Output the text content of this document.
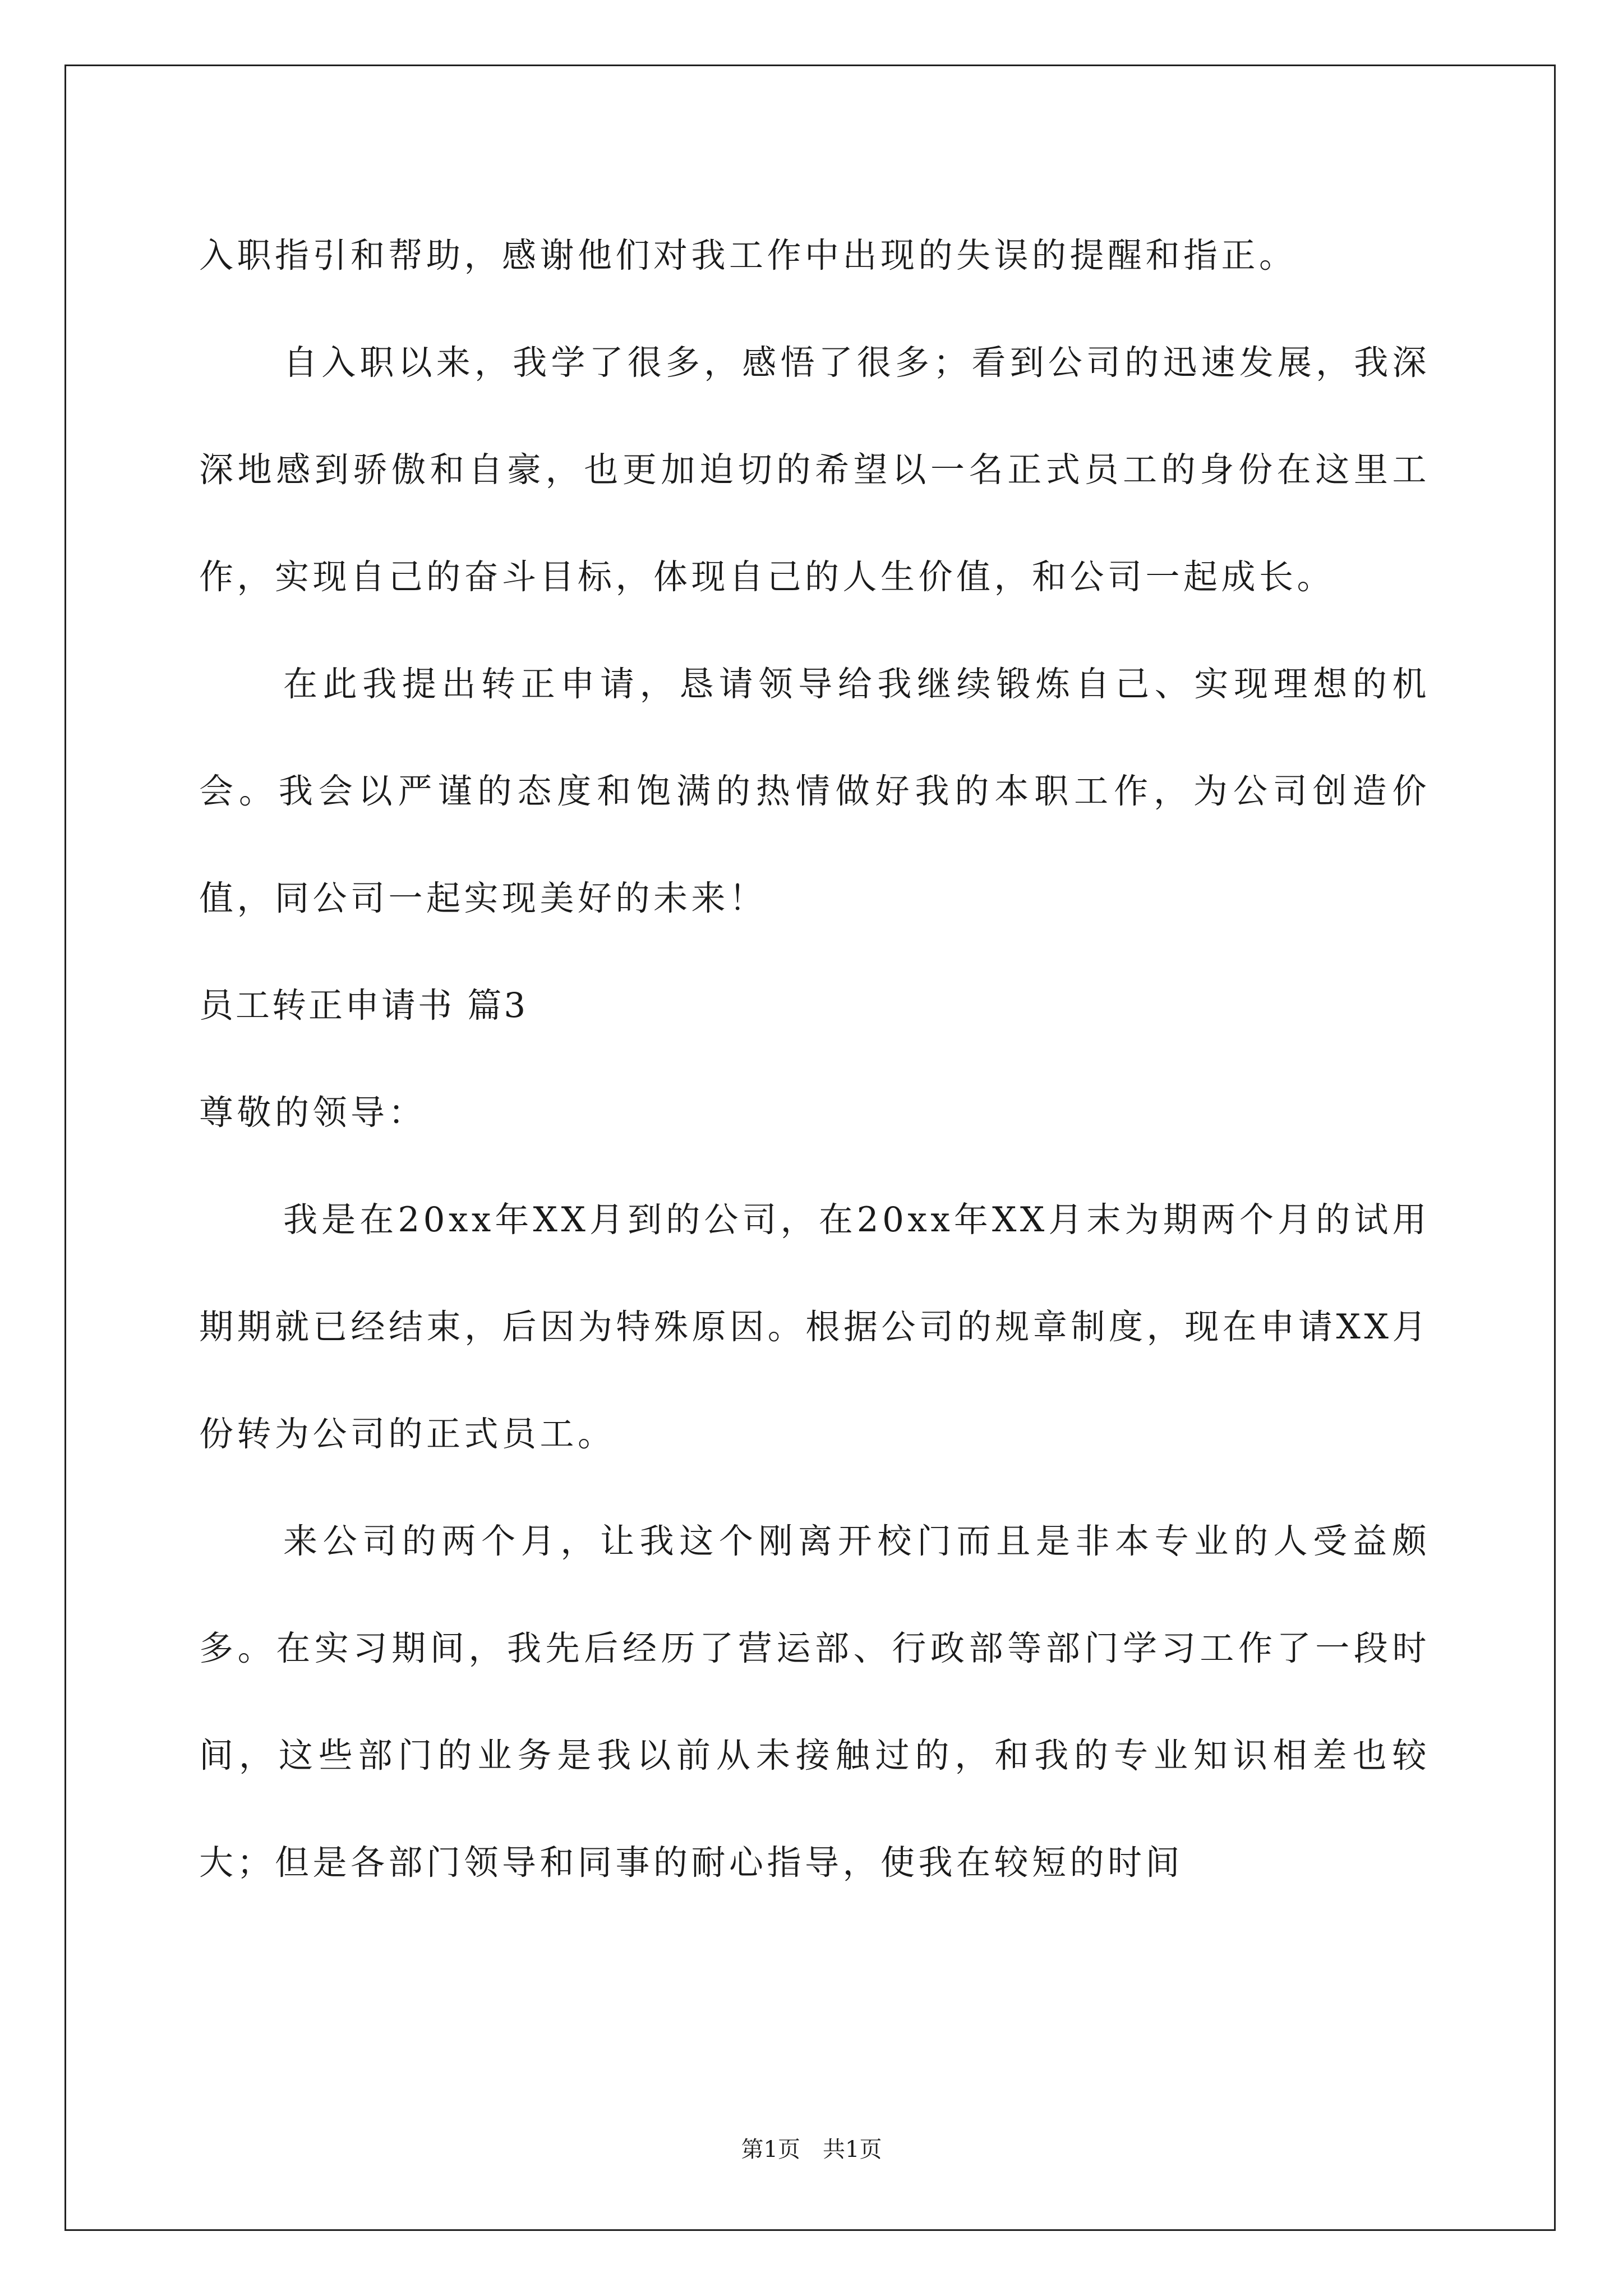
入职指引和帮助，感谢他们对我工作中出现的失误的提醒和指正。

自入职以来，我学了很多，感悟了很多；看到公司的迅速发展，我深深地感到骄傲和自豪，也更加迫切的希望以一名正式员工的身份在这里工作，实现自己的奋斗目标，体现自己的人生价值，和公司一起成长。

在此我提出转正申请，恳请领导给我继续锻炼自己、实现理想的机会。我会以严谨的态度和饱满的热情做好我的本职工作，为公司创造价值，同公司一起实现美好的未来！

员工转正申请书 篇3

尊敬的领导：

我是在20xx年XX月到的公司，在20xx年XX月末为期两个月的试用期期就已经结束，后因为特殊原因。根据公司的规章制度，现在申请XX月份转为公司的正式员工。

来公司的两个月，让我这个刚离开校门而且是非本专业的人受益颇多。在实习期间，我先后经历了营运部、行政部等部门学习工作了一段时间，这些部门的业务是我以前从未接触过的，和我的专业知识相差也较大；但是各部门领导和同事的耐心指导，使我在较短的时间

第1页　共1页
